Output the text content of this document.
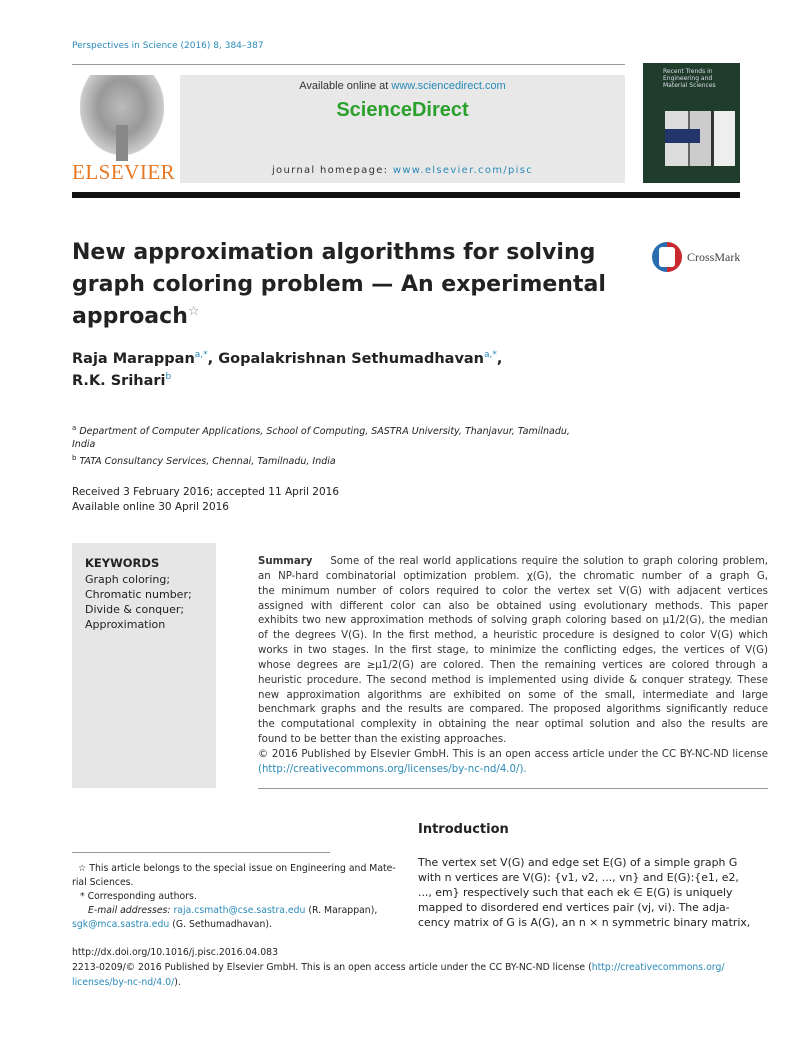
Perspectives in Science (2016) 8, 384–387
ELSEVIER
Available online at www.sciencedirect.com
ScienceDirect
journal homepage: www.elsevier.com/pisc
Recent Trends in Engineering and Material Sciences
New approximation algorithms for solving
graph coloring problem — An experimental
approach☆
CrossMark
Raja Marappan$^{a,*}$, Gopalakrishnan Sethumadhavan$^{a,*}$,
R.K. Srihari$^b$
$^a$ Department of Computer Applications, School of Computing, SASTRA University, Thanjavur, Tamilnadu,
India
$^b$ TATA Consultancy Services, Chennai, Tamilnadu, India
Received 3 February 2016; accepted 11 April 2016
Available online 30 April 2016
KEYWORDS
Graph coloring;
Chromatic number;
Divide & conquer;
Approximation
Summary Some of the real world applications require the solution to graph coloring problem,
an NP-hard combinatorial optimization problem. χ(G), the chromatic number of a graph G,
the minimum number of colors required to color the vertex set V(G) with adjacent vertices
assigned with different color can also be obtained using evolutionary methods. This paper
exhibits two new approximation methods of solving graph coloring based on μ1/2(G), the median
of the degrees V(G). In the first method, a heuristic procedure is designed to color V(G) which
works in two stages. In the first stage, to minimize the conflicting edges, the vertices of V(G)
whose degrees are ≥μ1/2(G) are colored. Then the remaining vertices are colored through a
heuristic procedure. The second method is implemented using divide & conquer strategy. These
new approximation algorithms are exhibited on some of the small, intermediate and large
benchmark graphs and the results are compared. The proposed algorithms significantly reduce
the computational complexity in obtaining the near optimal solution and also the results are
found to be better than the existing approaches.
© 2016 Published by Elsevier GmbH. This is an open access article under the CC BY-NC-ND license
(http://creativecommons.org/licenses/by-nc-nd/4.0/).
Introduction
The vertex set V(G) and edge set E(G) of a simple graph G
with n vertices are V(G): {v1, v2, ..., vn} and E(G):{e1, e2,
..., em} respectively such that each ek ∈ E(G) is uniquely
mapped to disordered end vertices pair (vj, vi). The adja-
cency matrix of G is A(G), an n × n symmetric binary matrix,
☆ This article belongs to the special issue on Engineering and Mate-
rial Sciences.
* Corresponding authors.
E-mail addresses: raja.csmath@cse.sastra.edu (R. Marappan),
sgk@mca.sastra.edu (G. Sethumadhavan).
http://dx.doi.org/10.1016/j.pisc.2016.04.083
2213-0209/© 2016 Published by Elsevier GmbH. This is an open access article under the CC BY-NC-ND license (http://creativecommons.org/
licenses/by-nc-nd/4.0/).
